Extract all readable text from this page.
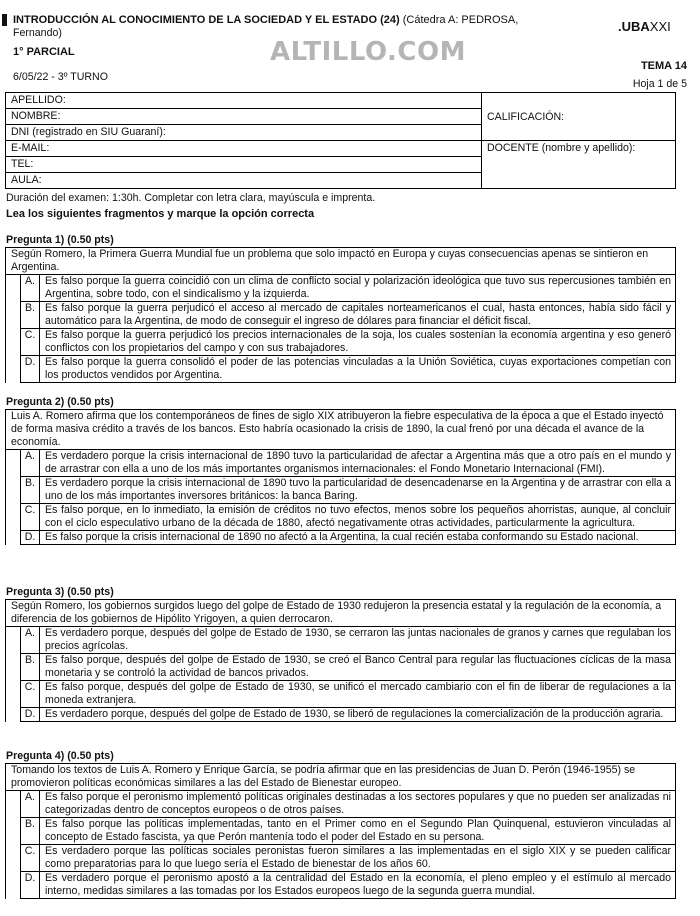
INTRODUCCIÓN AL CONOCIMIENTO DE LA SOCIEDAD Y EL ESTADO (24) (Cátedra A: PEDROSA,
Fernando)
1° PARCIAL
6/05/22 - 3º TURNO
ALTILLO.COM
.UBAXXI
TEMA 14
Hoja 1 de 5
APELLIDO:	CALIFICACIÓN:
NOMBRE:	
DNI (registrado en SIU Guaraní):	
E-MAIL:	DOCENTE (nombre y apellido):
TEL:	
AULA:	
Duración del examen: 1:30h. Completar con letra clara, mayúscula e imprenta.
Lea los siguientes fragmentos y marque la opción correcta
Pregunta 1) (0.50 pts)
Según Romero, la Primera Guerra Mundial fue un problema que solo impactó en Europa y cuyas consecuencias apenas se sintieron en Argentina.		
	A.	Es falso porque la guerra coincidió con un clima de conflicto social y polarización ideológica que tuvo sus repercusiones también en Argentina, sobre todo, con el sindicalismo y la izquierda.
	B.	Es falso porque la guerra perjudicó el acceso al mercado de capitales norteamericanos el cual, hasta entonces, había sido fácil y automático para la Argentina, de modo de conseguir el ingreso de dólares para financiar el déficit fiscal.
	C.	Es falso porque la guerra perjudicó los precios internacionales de la soja, los cuales sostenían la economía argentina y eso generó conflictos con los propietarios del campo y con sus trabajadores.
	D.	Es falso porque la guerra consolidó el poder de las potencias vinculadas a la Unión Soviética, cuyas exportaciones competían con los productos vendidos por Argentina.
Pregunta 2) (0.50 pts)
Luis A. Romero afirma que los contemporáneos de fines de siglo XIX atribuyeron la fiebre especulativa de la época a que el Estado inyectó de forma masiva crédito a través de los bancos. Esto habría ocasionado la crisis de 1890, la cual frenó por una década el avance de la economía.		
	A.	Es verdadero porque la crisis internacional de 1890 tuvo la particularidad de afectar a Argentina más que a otro país en el mundo y de arrastrar con ella a uno de los más importantes organismos internacionales: el Fondo Monetario Internacional (FMI).
	B.	Es verdadero porque la crisis internacional de 1890 tuvo la particularidad de desencadenarse en la Argentina y de arrastrar con ella a uno de los más importantes inversores británicos: la banca Baring.
	C.	Es falso porque, en lo inmediato, la emisión de créditos no tuvo efectos, menos sobre los pequeños ahorristas, aunque, al concluir con el ciclo especulativo urbano de la década de 1880, afectó negativamente otras actividades, particularmente la agricultura.
	D.	Es falso porque la crisis internacional de 1890 no afectó a la Argentina, la cual recién estaba conformando su Estado nacional.
Pregunta 3) (0.50 pts)
Según Romero, los gobiernos surgidos luego del golpe de Estado de 1930 redujeron la presencia estatal y la regulación de la economía, a diferencia de los gobiernos de Hipólito Yrigoyen, a quien derrocaron.		
	A.	Es verdadero porque, después del golpe de Estado de 1930, se cerraron las juntas nacionales de granos y carnes que regulaban los precios agrícolas.
	B.	Es falso porque, después del golpe de Estado de 1930, se creó el Banco Central para regular las fluctuaciones cíclicas de la masa monetaria y se controló la actividad de bancos privados.
	C.	Es falso porque, después del golpe de Estado de 1930, se unificó el mercado cambiario con el fin de liberar de regulaciones a la moneda extranjera.
	D.	Es verdadero porque, después del golpe de Estado de 1930, se liberó de regulaciones la comercialización de la producción agraria.
Pregunta 4) (0.50 pts)
Tomando los textos de Luis A. Romero y Enrique García, se podría afirmar que en las presidencias de Juan D. Perón (1946-1955) se promovieron políticas económicas similares a las del Estado de Bienestar europeo.		
	A.	Es falso porque el peronismo implementó políticas originales destinadas a los sectores populares y que no pueden ser analizadas ni categorizadas dentro de conceptos europeos o de otros países.
	B.	Es falso porque las políticas implementadas, tanto en el Primer como en el Segundo Plan Quinquenal, estuvieron vinculadas al concepto de Estado fascista, ya que Perón mantenía todo el poder del Estado en su persona.
	C.	Es verdadero porque las políticas sociales peronistas fueron similares a las implementadas en el siglo XIX y se pueden calificar como preparatorias para lo que luego sería el Estado de bienestar de los años 60.
	D.	Es verdadero porque el peronismo apostó a la centralidad del Estado en la economía, el pleno empleo y el estímulo al mercado interno, medidas similares a las tomadas por los Estados europeos luego de la segunda guerra mundial.
